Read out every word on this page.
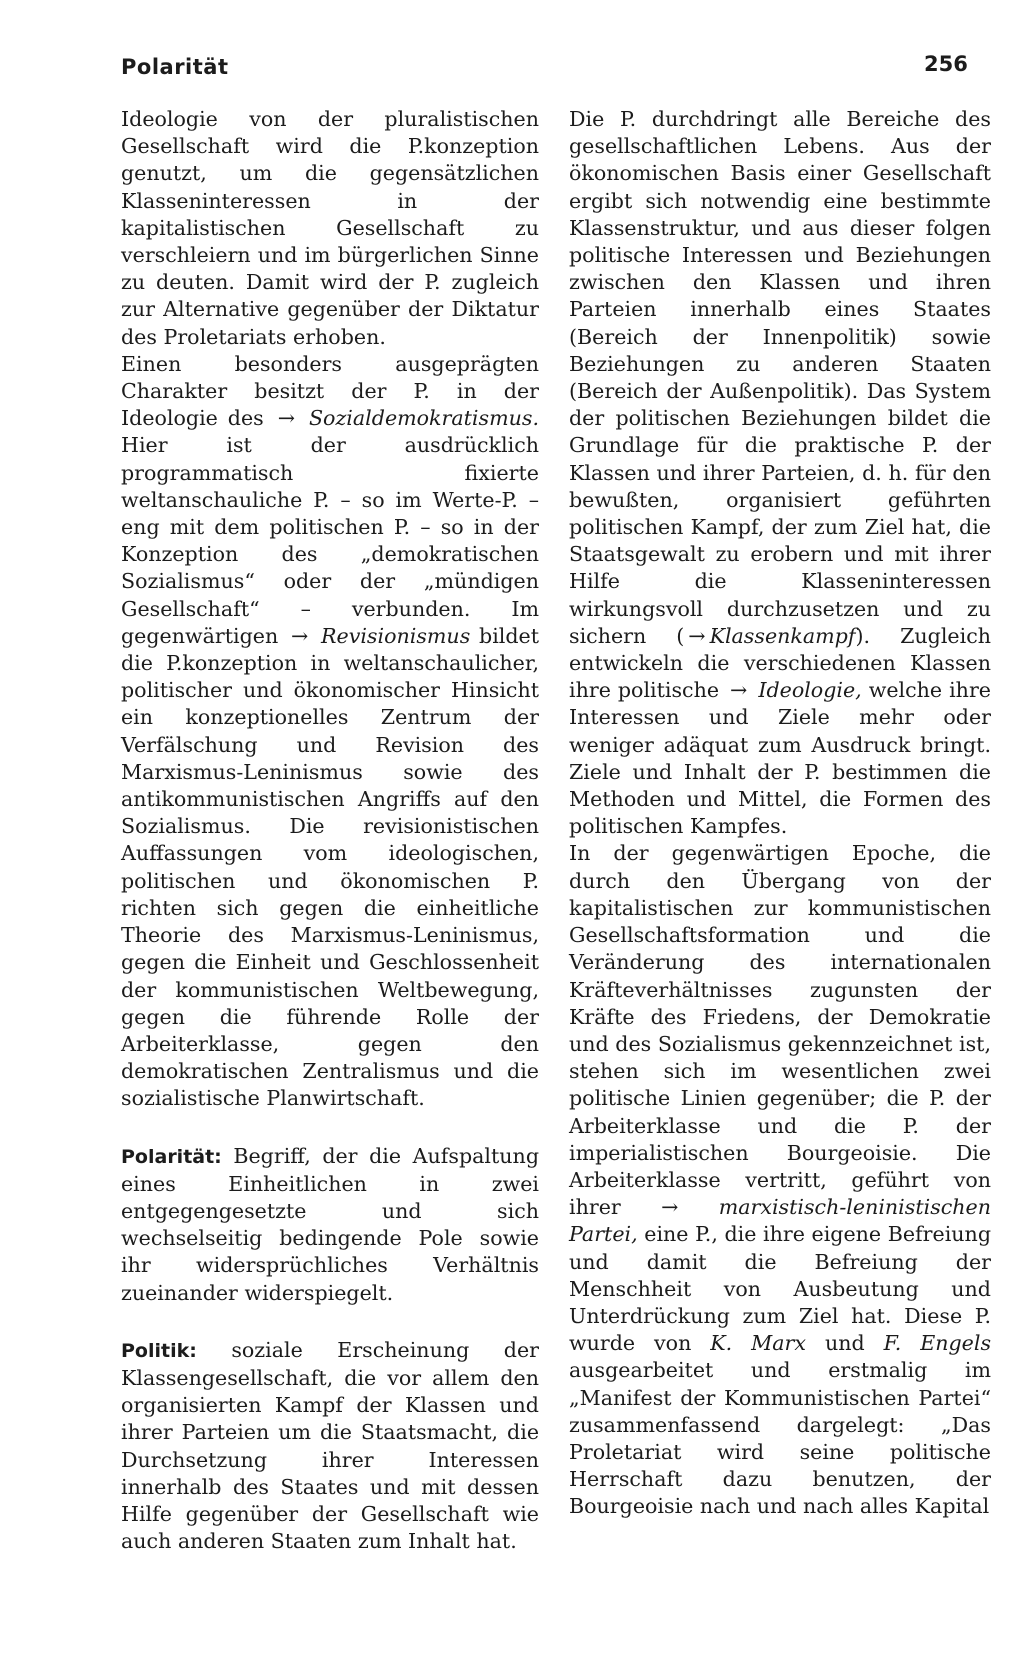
Polarität	256

Ideologie von der pluralistischen Gesellschaft wird die P.konzeption genutzt, um die gegensätzlichen Klasseninteressen in der kapitalistischen Gesellschaft zu verschleiern und im bürgerlichen Sinne zu deuten. Damit wird der P. zugleich zur Alternative gegenüber der Diktatur des Proletariats erhoben.

Einen besonders ausgeprägten Charakter besitzt der P. in der Ideologie des → Sozialdemokratismus. Hier ist der ausdrücklich programmatisch fixierte weltanschauliche P. – so im Werte-P. – eng mit dem politischen P. – so in der Konzeption des „demokratischen Sozialismus“ oder der „mündigen Gesellschaft“ – verbunden. Im gegenwärtigen → Revisionismus bildet die P.konzeption in weltanschaulicher, politischer und ökonomischer Hinsicht ein konzeptionelles Zentrum der Verfälschung und Revision des Marxismus-Leninismus sowie des antikommunistischen Angriffs auf den Sozialismus. Die revisionistischen Auffassungen vom ideologischen, politischen und ökonomischen P. richten sich gegen die einheitliche Theorie des Marxismus-Leninismus, gegen die Einheit und Geschlossenheit der kommunistischen Weltbewegung, gegen die führende Rolle der Arbeiterklasse, gegen den demokratischen Zentralismus und die sozialistische Planwirtschaft.

Polarität: Begriff, der die Aufspaltung eines Einheitlichen in zwei entgegengesetzte und sich wechselseitig bedingende Pole sowie ihr widersprüchliches Verhältnis zueinander widerspiegelt.

Politik: soziale Erscheinung der Klassengesellschaft, die vor allem den organisierten Kampf der Klassen und ihrer Parteien um die Staatsmacht, die Durchsetzung ihrer Interessen innerhalb des Staates und mit dessen Hilfe gegenüber der Gesellschaft wie auch anderen Staaten zum Inhalt hat.

Die P. durchdringt alle Bereiche des gesellschaftlichen Lebens. Aus der ökonomischen Basis einer Gesellschaft ergibt sich notwendig eine bestimmte Klassenstruktur, und aus dieser folgen politische Interessen und Beziehungen zwischen den Klassen und ihren Parteien innerhalb eines Staates (Bereich der Innenpolitik) sowie Beziehungen zu anderen Staaten (Bereich der Außenpolitik). Das System der politischen Beziehungen bildet die Grundlage für die praktische P. der Klassen und ihrer Parteien, d. h. für den bewußten, organisiert geführten politischen Kampf, der zum Ziel hat, die Staatsgewalt zu erobern und mit ihrer Hilfe die Klasseninteressen wirkungsvoll durchzusetzen und zu sichern ( → Klassenkampf). Zugleich entwickeln die verschiedenen Klassen ihre politische → Ideologie, welche ihre Interessen und Ziele mehr oder weniger adäquat zum Ausdruck bringt. Ziele und Inhalt der P. bestimmen die Methoden und Mittel, die Formen des politischen Kampfes.

In der gegenwärtigen Epoche, die durch den Übergang von der kapitalistischen zur kommunistischen Gesellschaftsformation und die Veränderung des internationalen Kräfteverhältnisses zugunsten der Kräfte des Friedens, der Demokratie und des Sozialismus gekennzeichnet ist, stehen sich im wesentlichen zwei politische Linien gegenüber; die P. der Arbeiterklasse und die P. der imperialistischen Bourgeoisie. Die Arbeiterklasse vertritt, geführt von ihrer → marxistisch-leninistischen Partei, eine P., die ihre eigene Befreiung und damit die Befreiung der Menschheit von Ausbeutung und Unterdrückung zum Ziel hat. Diese P. wurde von K. Marx und F. Engels ausgearbeitet und erstmalig im „Manifest der Kommunistischen Partei“ zusammenfassend dargelegt: „Das Proletariat wird seine politische Herrschaft dazu benutzen, der Bourgeoisie nach und nach alles Kapital
